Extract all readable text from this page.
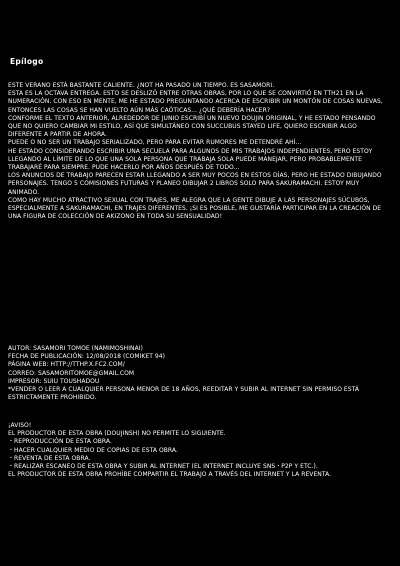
Epílogo

ESTE VERANO ESTÁ BASTANTE CALIENTE. ¿NOT HA PASADO UN TIEMPO. ES SASAMORI.

ESTA ES LA OCTAVA ENTREGA. ESTO SE DESLIZÓ ENTRE OTRAS OBRAS, POR LO QUE SE CONVIRTIÓ EN TTH21 EN LA NUMERACIÓN. CON ESO EN MENTE, ME HE ESTADO PREGUNTANDO ACERCA DE ESCRIBIR UN MONTÓN DE COSAS NUEVAS, ENTONCES LAS COSAS SE HAN VUELTO AÚN MÁS CAÓTICAS... ¿QUÉ DEBERÍA HACER?

CONFORME EL TEXTO ANTERIOR, ALREDEDOR DE JUNIO ESCRIBÍ UN NUEVO DOUJIN ORIGINAL, Y HE ESTADO PENSANDO QUE NO QUIERO CAMBIAR MI ESTILO, ASÍ QUE SIMULTÁNEO CON SUCCUBUS STAYED LIFE, QUIERO ESCRIBIR ALGO DIFERENTE A PARTIR DE AHORA.

PUEDE O NO SER UN TRABAJO SERIALIZADO, PERO PARA EVITAR RUMORES ME DETENDRÉ AHÍ...

HE ESTADO CONSIDERANDO ESCRIBIR UNA SECUELA PARA ALGUNOS DE MIS TRABAJOS INDEPENDIENTES, PERO ESTOY LLEGANDO AL LÍMITE DE LO QUE UNA SOLA PERSONA QUE TRABAJA SOLA PUEDE MANEJAR, PERO PROBABLEMENTE TRABAJARÉ PARA SIEMPRE. PUDE HACERLO POR AÑOS DESPUÉS DE TODO...

LOS ANUNCIOS DE TRABAJO PARECEN ESTAR LLEGANDO A SER MUY POCOS EN ESTOS DÍAS, PERO HE ESTADO DIBUJANDO PERSONAJES. TENGO 5 COMISIONES FUTURAS Y PLANEO DIBUJAR 2 LIBROS SOLO PARA SAKURAMACHI. ESTOY MUY ANIMADO.

COMO HAY MUCHO ATRACTIVO SEXUAL CON TRAJES, ME ALEGRA QUE LA GENTE DIBUJE A LAS PERSONAJES SÚCUBOS, ESPECIALMENTE A SAKURAMACHI, EN TRAJES DIFERENTES. ¡SI ES POSIBLE, ME GUSTARÍA PARTICIPAR EN LA CREACIÓN DE UNA FIGURA DE COLECCIÓN DE AKIZONO EN TODA SU SENSUALIDAD!

AUTOR: SASAMORI TOMOE (NAMIMOSHINAI)

FECHA DE PUBLICACIÓN: 12/08/2018 (COMIKET 94)

PÁGINA WEB: HTTP://TTHP.X.FC2.COM/

CORREO: SASAMORITOMOE@GMAIL.COM

IMPRESOR: SUIU TOUSHADOU

*VENDER O LEER A CUALQUIER PERSONA MENOR DE 18 AÑOS, REEDITAR Y SUBIR AL INTERNET SIN PERMISO ESTÁ ESTRICTAMENTE PROHIBIDO.

¡AVISO!

EL PRODUCTOR DE ESTA OBRA (DOUJINSH) NO PERMITE LO SIGUIENTE.

・REPRODUCCIÓN DE ESTA OBRA.

・HACER CUALQUIER MEDIO DE COPIAS DE ESTA OBRA.

・REVENTA DE ESTA OBRA.

・REALIZAR ESCANEO DE ESTA OBRA Y SUBIR AL INTERNET (EL INTERNET INCLUYE SNS・P2P Y ETC.).

EL PRODUCTOR DE ESTA OBRA PROHÍBE COMPARTIR EL TRABAJO A TRAVÉS DEL INTERNET Y LA REVENTA.
